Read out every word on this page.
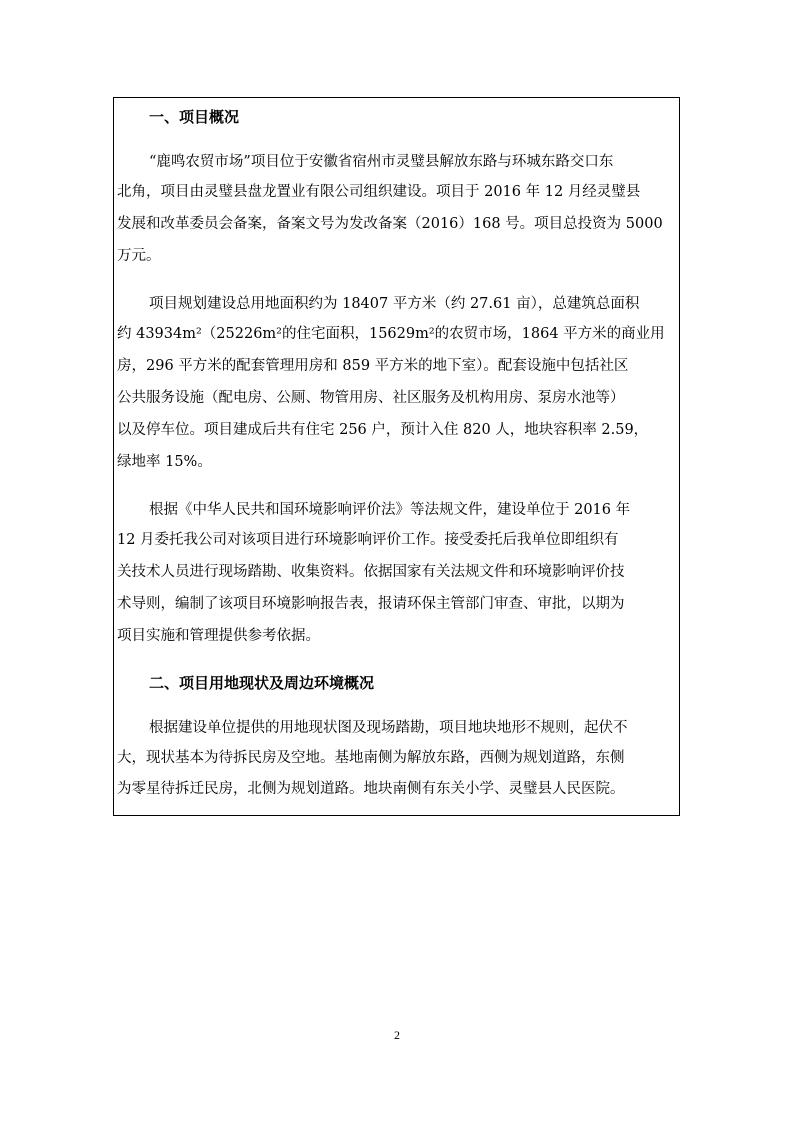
一、项目概况
“鹿鸣农贸市场”项目位于安徽省宿州市灵璧县解放东路与环城东路交口东
北角，项目由灵璧县盘龙置业有限公司组织建设。项目于 2016 年 12 月经灵璧县
发展和改革委员会备案，备案文号为发改备案（2016）168 号。项目总投资为 5000
万元。
项目规划建设总用地面积约为 18407 平方米（约 27.61 亩），总建筑总面积
约 43934m²（25226m²的住宅面积，15629m²的农贸市场，1864 平方米的商业用
房，296 平方米的配套管理用房和 859 平方米的地下室）。配套设施中包括社区
公共服务设施（配电房、公厕、物管用房、社区服务及机构用房、泵房水池等）
以及停车位。项目建成后共有住宅 256 户，预计入住 820 人，地块容积率 2.59，
绿地率 15%。
根据《中华人民共和国环境影响评价法》等法规文件，建设单位于 2016 年
12 月委托我公司对该项目进行环境影响评价工作。接受委托后我单位即组织有
关技术人员进行现场踏勘、收集资料。依据国家有关法规文件和环境影响评价技
术导则，编制了该项目环境影响报告表，报请环保主管部门审查、审批，以期为
项目实施和管理提供参考依据。
二、项目用地现状及周边环境概况
根据建设单位提供的用地现状图及现场踏勘，项目地块地形不规则，起伏不
大，现状基本为待拆民房及空地。基地南侧为解放东路，西侧为规划道路，东侧
为零星待拆迁民房，北侧为规划道路。地块南侧有东关小学、灵璧县人民医院。
2
